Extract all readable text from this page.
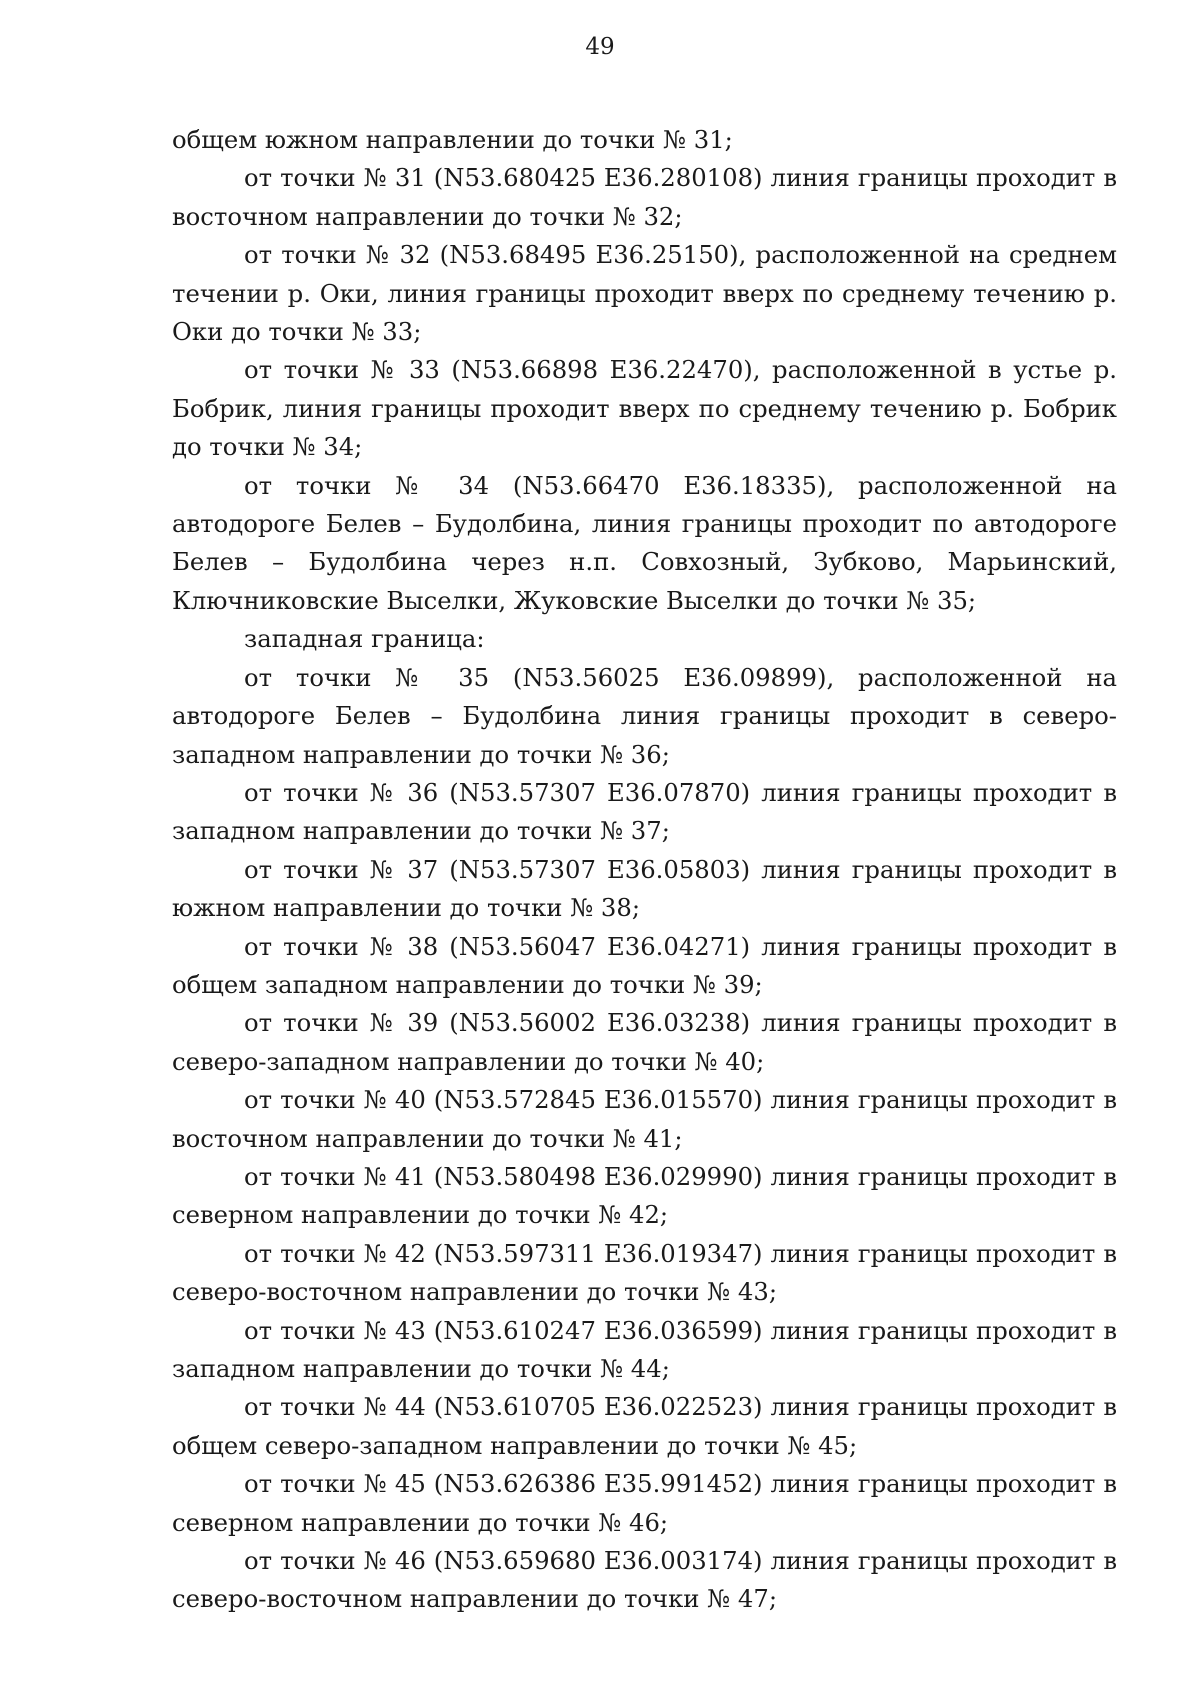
49

общем южном направлении до точки № 31;

от точки № 31 (N53.680425 E36.280108) линия границы проходит в восточном направлении до точки № 32;

от точки № 32 (N53.68495 E36.25150), расположенной на среднем течении р. Оки, линия границы проходит вверх по среднему течению р. Оки до точки № 33;

от точки № 33 (N53.66898 E36.22470), расположенной в устье р. Бобрик, линия границы проходит вверх по среднему течению р. Бобрик до точки № 34;

от точки № 34 (N53.66470 E36.18335), расположенной на автодороге Белев – Будолбина, линия границы проходит по автодороге Белев – Будолбина через н.п. Совхозный, Зубково, Марьинский, Ключниковские Выселки, Жуковские Выселки до точки № 35;

западная граница:

от точки № 35 (N53.56025 E36.09899), расположенной на автодороге Белев – Будолбина линия границы проходит в северо-западном направлении до точки № 36;

от точки № 36 (N53.57307 E36.07870) линия границы проходит в западном направлении до точки № 37;

от точки № 37 (N53.57307 E36.05803) линия границы проходит в южном направлении до точки № 38;

от точки № 38 (N53.56047 E36.04271) линия границы проходит в общем западном направлении до точки № 39;

от точки № 39 (N53.56002 E36.03238) линия границы проходит в северо-западном направлении до точки № 40;

от точки № 40 (N53.572845 E36.015570) линия границы проходит в восточном направлении до точки № 41;

от точки № 41 (N53.580498 E36.029990) линия границы проходит в северном направлении до точки № 42;

от точки № 42 (N53.597311 E36.019347) линия границы проходит в северо-восточном направлении до точки № 43;

от точки № 43 (N53.610247 E36.036599) линия границы проходит в западном направлении до точки № 44;

от точки № 44 (N53.610705 E36.022523) линия границы проходит в общем северо-западном направлении до точки № 45;

от точки № 45 (N53.626386 E35.991452) линия границы проходит в северном направлении до точки № 46;

от точки № 46 (N53.659680 E36.003174) линия границы проходит в северо-восточном направлении до точки № 47;
